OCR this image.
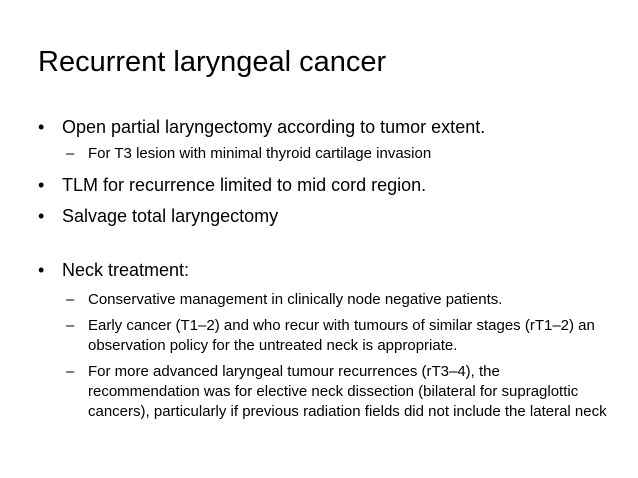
Recurrent laryngeal cancer
• Open partial laryngectomy according to tumor extent.
– For T3 lesion with minimal thyroid cartilage invasion
• TLM for recurrence limited to mid cord region.
• Salvage total laryngectomy
• Neck treatment:
– Conservative management in clinically node negative patients.
– Early cancer (T1–2) and who recur with tumours of similar stages (rT1–2) an observation policy for the untreated neck is appropriate.
– For more advanced laryngeal tumour recurrences (rT3–4), the recommendation was for elective neck dissection (bilateral for supraglottic cancers), particularly if previous radiation fields did not include the lateral neck
